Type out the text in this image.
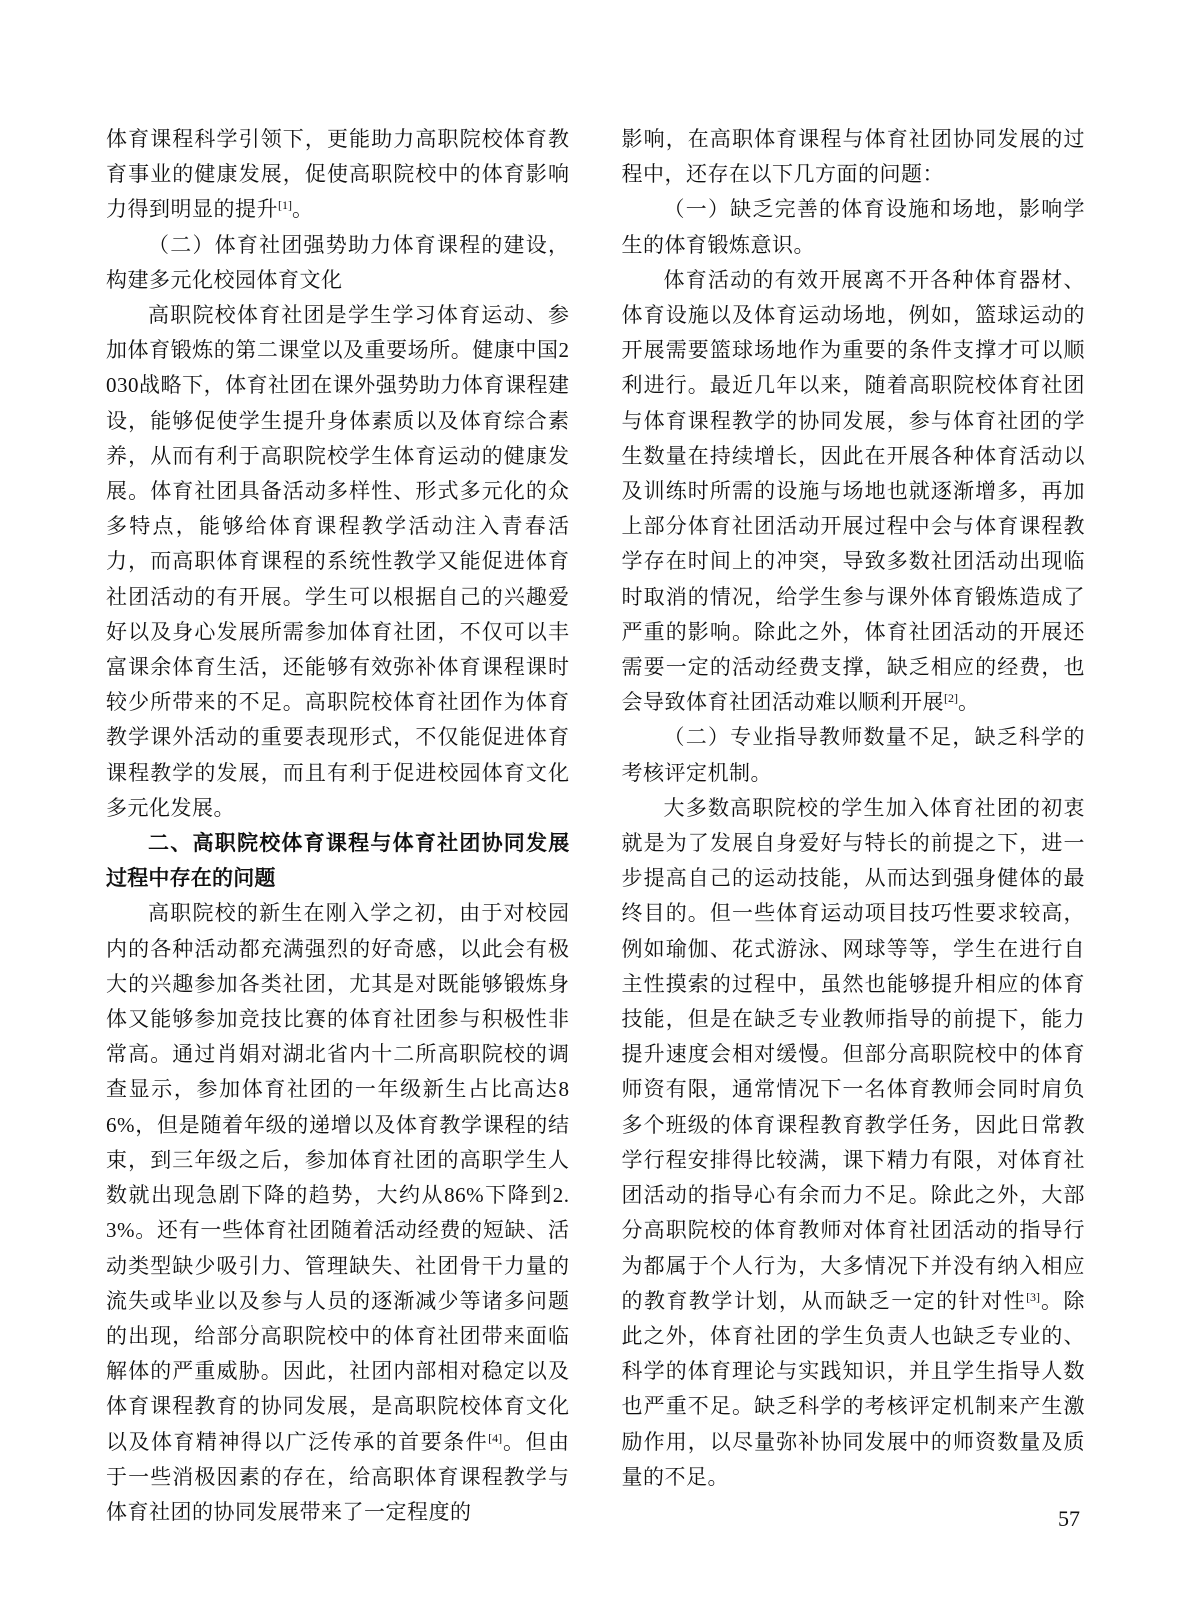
体育课程科学引领下，更能助力高职院校体育教育事业的健康发展，促使高职院校中的体育影响力得到明显的提升[1]。

（二）体育社团强势助力体育课程的建设，构建多元化校园体育文化

高职院校体育社团是学生学习体育运动、参加体育锻炼的第二课堂以及重要场所。健康中国2030战略下，体育社团在课外强势助力体育课程建设，能够促使学生提升身体素质以及体育综合素养，从而有利于高职院校学生体育运动的健康发展。体育社团具备活动多样性、形式多元化的众多特点，能够给体育课程教学活动注入青春活力，而高职体育课程的系统性教学又能促进体育社团活动的有开展。学生可以根据自己的兴趣爱好以及身心发展所需参加体育社团，不仅可以丰富课余体育生活，还能够有效弥补体育课程课时较少所带来的不足。高职院校体育社团作为体育教学课外活动的重要表现形式，不仅能促进体育课程教学的发展，而且有利于促进校园体育文化多元化发展。

二、高职院校体育课程与体育社团协同发展过程中存在的问题

高职院校的新生在刚入学之初，由于对校园内的各种活动都充满强烈的好奇感，以此会有极大的兴趣参加各类社团，尤其是对既能够锻炼身体又能够参加竞技比赛的体育社团参与积极性非常高。通过肖娟对湖北省内十二所高职院校的调查显示，参加体育社团的一年级新生占比高达86%，但是随着年级的递增以及体育教学课程的结束，到三年级之后，参加体育社团的高职学生人数就出现急剧下降的趋势，大约从86%下降到2.3%。还有一些体育社团随着活动经费的短缺、活动类型缺少吸引力、管理缺失、社团骨干力量的流失或毕业以及参与人员的逐渐减少等诸多问题的出现，给部分高职院校中的体育社团带来面临解体的严重威胁。因此，社团内部相对稳定以及体育课程教育的协同发展，是高职院校体育文化以及体育精神得以广泛传承的首要条件[4]。但由于一些消极因素的存在，给高职体育课程教学与体育社团的协同发展带来了一定程度的

影响，在高职体育课程与体育社团协同发展的过程中，还存在以下几方面的问题：

（一）缺乏完善的体育设施和场地，影响学生的体育锻炼意识。

体育活动的有效开展离不开各种体育器材、体育设施以及体育运动场地，例如，篮球运动的开展需要篮球场地作为重要的条件支撑才可以顺利进行。最近几年以来，随着高职院校体育社团与体育课程教学的协同发展，参与体育社团的学生数量在持续增长，因此在开展各种体育活动以及训练时所需的设施与场地也就逐渐增多，再加上部分体育社团活动开展过程中会与体育课程教学存在时间上的冲突，导致多数社团活动出现临时取消的情况，给学生参与课外体育锻炼造成了严重的影响。除此之外，体育社团活动的开展还需要一定的活动经费支撑，缺乏相应的经费，也会导致体育社团活动难以顺利开展[2]。

（二）专业指导教师数量不足，缺乏科学的考核评定机制。

大多数高职院校的学生加入体育社团的初衷就是为了发展自身爱好与特长的前提之下，进一步提高自己的运动技能，从而达到强身健体的最终目的。但一些体育运动项目技巧性要求较高，例如瑜伽、花式游泳、网球等等，学生在进行自主性摸索的过程中，虽然也能够提升相应的体育技能，但是在缺乏专业教师指导的前提下，能力提升速度会相对缓慢。但部分高职院校中的体育师资有限，通常情况下一名体育教师会同时肩负多个班级的体育课程教育教学任务，因此日常教学行程安排得比较满，课下精力有限，对体育社团活动的指导心有余而力不足。除此之外，大部分高职院校的体育教师对体育社团活动的指导行为都属于个人行为，大多情况下并没有纳入相应的教育教学计划，从而缺乏一定的针对性[3]。除此之外，体育社团的学生负责人也缺乏专业的、科学的体育理论与实践知识，并且学生指导人数也严重不足。缺乏科学的考核评定机制来产生激励作用，以尽量弥补协同发展中的师资数量及质量的不足。

57
